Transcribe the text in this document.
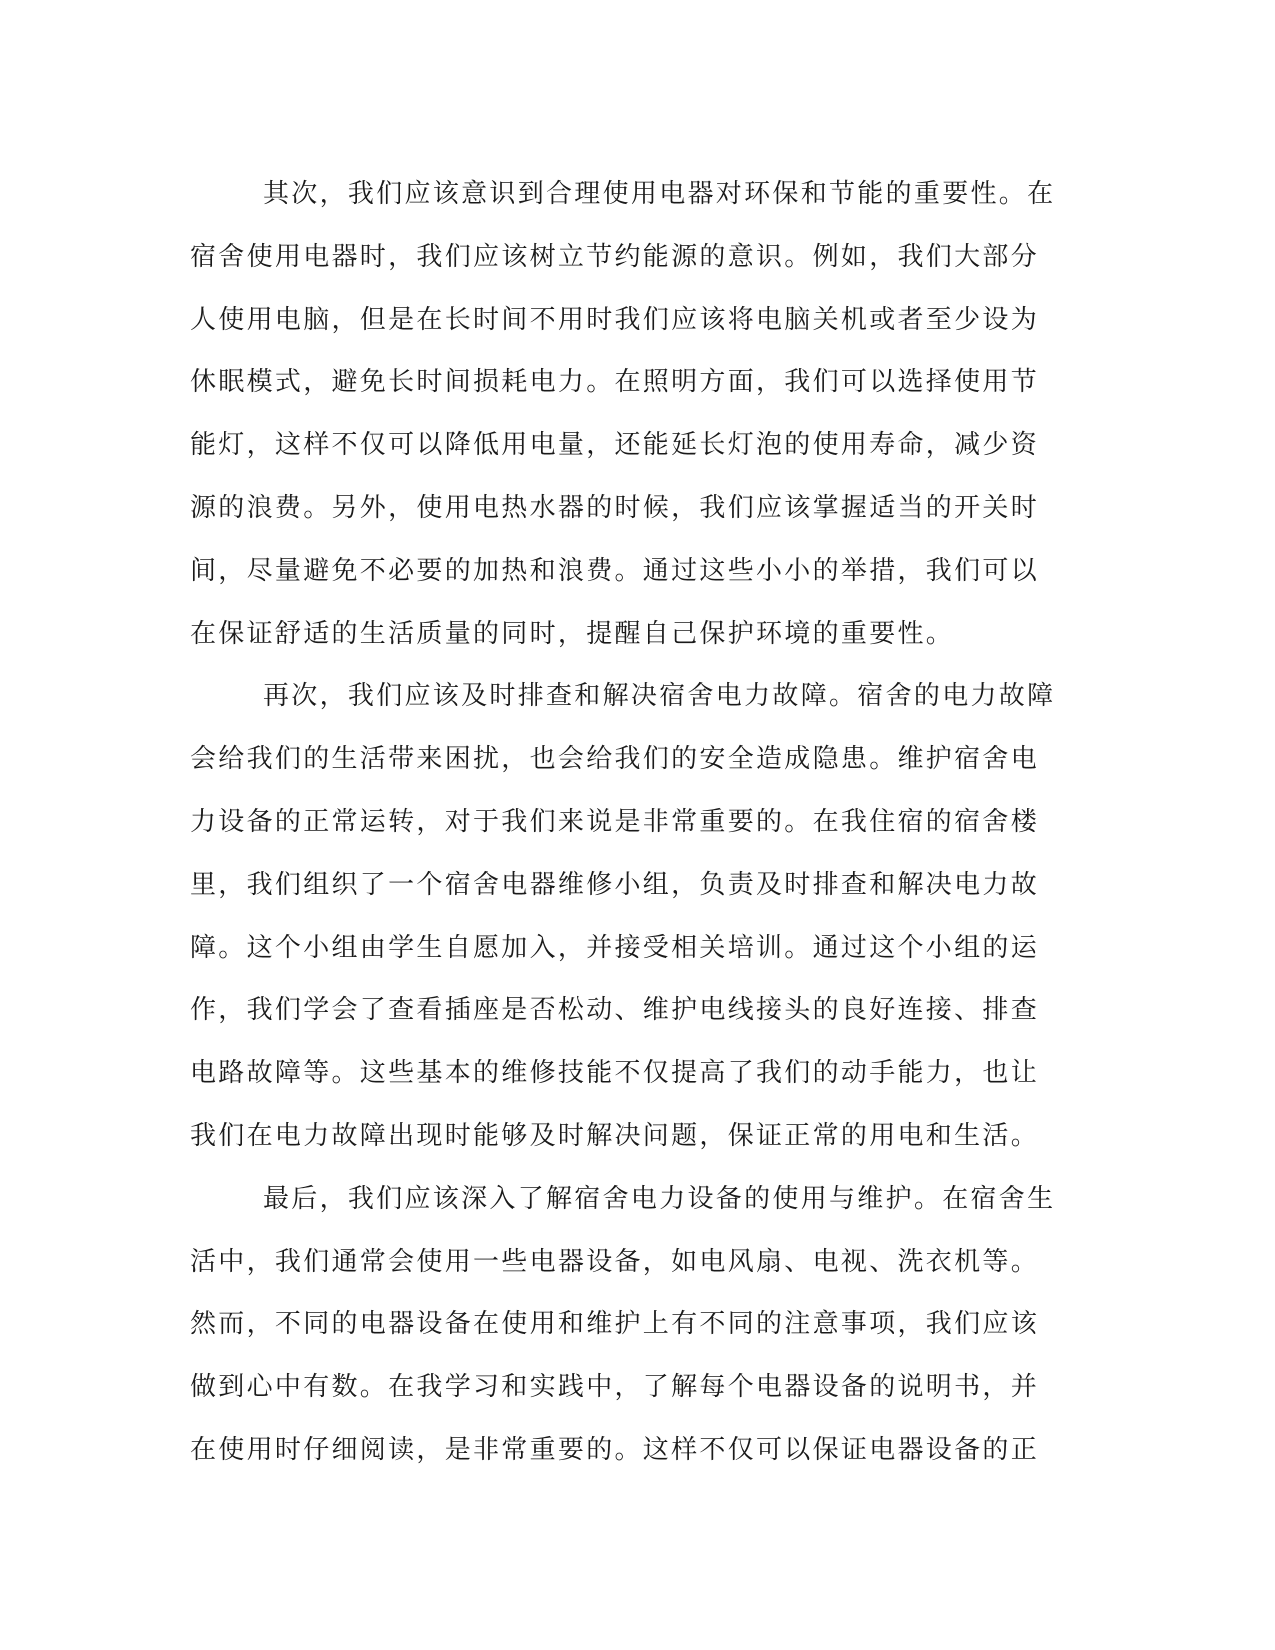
其次，我们应该意识到合理使用电器对环保和节能的重要性。在
宿舍使用电器时，我们应该树立节约能源的意识。例如，我们大部分
人使用电脑，但是在长时间不用时我们应该将电脑关机或者至少设为
休眠模式，避免长时间损耗电力。在照明方面，我们可以选择使用节
能灯，这样不仅可以降低用电量，还能延长灯泡的使用寿命，减少资
源的浪费。另外，使用电热水器的时候，我们应该掌握适当的开关时
间，尽量避免不必要的加热和浪费。通过这些小小的举措，我们可以
在保证舒适的生活质量的同时，提醒自己保护环境的重要性。
再次，我们应该及时排查和解决宿舍电力故障。宿舍的电力故障
会给我们的生活带来困扰，也会给我们的安全造成隐患。维护宿舍电
力设备的正常运转，对于我们来说是非常重要的。在我住宿的宿舍楼
里，我们组织了一个宿舍电器维修小组，负责及时排查和解决电力故
障。这个小组由学生自愿加入，并接受相关培训。通过这个小组的运
作，我们学会了查看插座是否松动、维护电线接头的良好连接、排查
电路故障等。这些基本的维修技能不仅提高了我们的动手能力，也让
我们在电力故障出现时能够及时解决问题，保证正常的用电和生活。
最后，我们应该深入了解宿舍电力设备的使用与维护。在宿舍生
活中，我们通常会使用一些电器设备，如电风扇、电视、洗衣机等。
然而，不同的电器设备在使用和维护上有不同的注意事项，我们应该
做到心中有数。在我学习和实践中，了解每个电器设备的说明书，并
在使用时仔细阅读，是非常重要的。这样不仅可以保证电器设备的正
